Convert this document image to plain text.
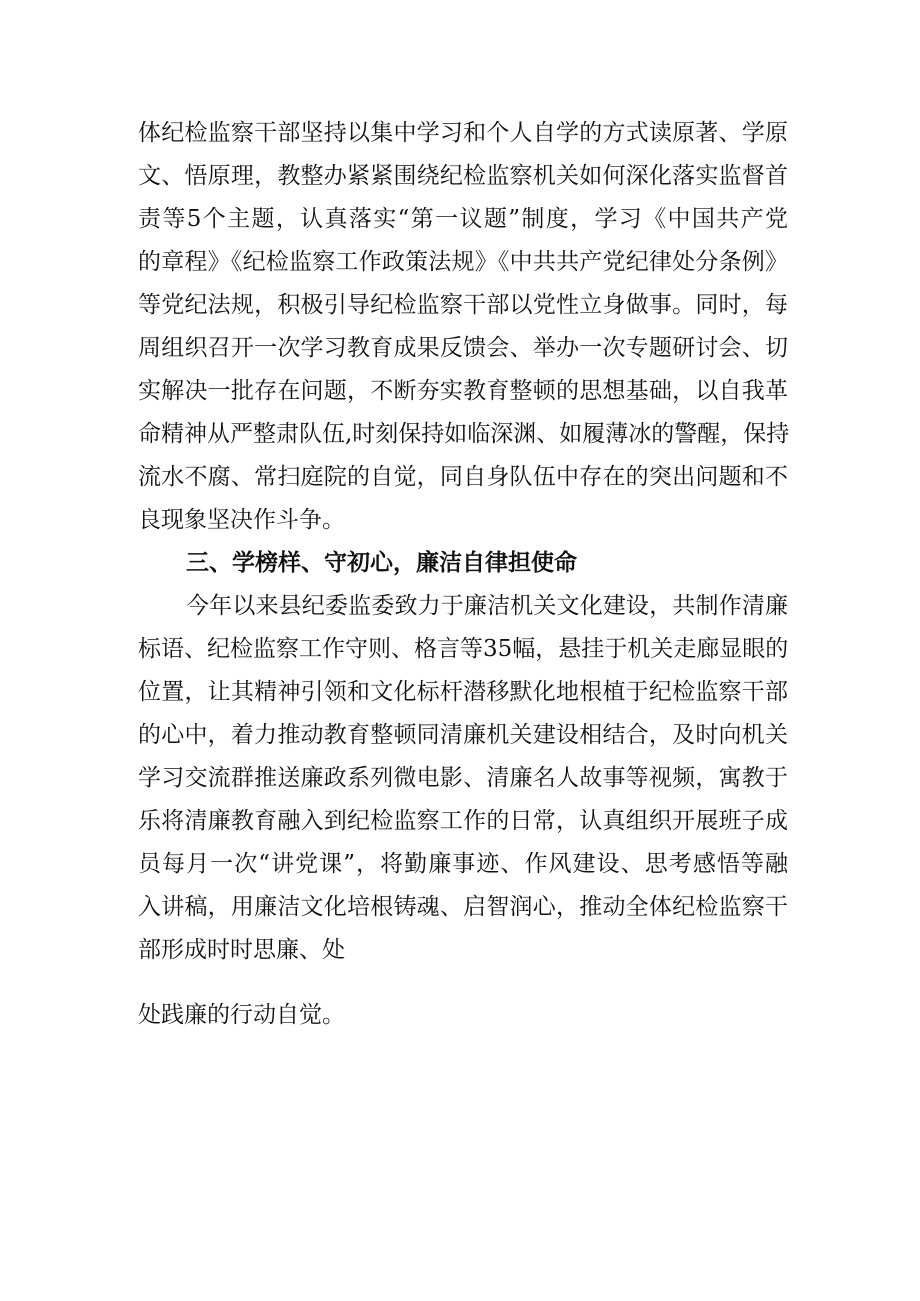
体纪检监察干部坚持以集中学习和个人自学的方式读原著、学原
文、悟原理，教整办紧紧围绕纪检监察机关如何深化落实监督首
责等5个主题，认真落实“第一议题”制度，学习《中国共产党
的章程》《纪检监察工作政策法规》《中共共产党纪律处分条例》
等党纪法规，积极引导纪检监察干部以党性立身做事。同时，每
周组织召开一次学习教育成果反馈会、举办一次专题研讨会、切
实解决一批存在问题，不断夯实教育整顿的思想基础，以自我革
命精神从严整肃队伍,时刻保持如临深渊、如履薄冰的警醒，保持
流水不腐、常扫庭院的自觉，同自身队伍中存在的突出问题和不
良现象坚决作斗争。
三、学榜样、守初心，廉洁自律担使命
今年以来县纪委监委致力于廉洁机关文化建设，共制作清廉
标语、纪检监察工作守则、格言等35幅，悬挂于机关走廊显眼的
位置，让其精神引领和文化标杆潜移默化地根植于纪检监察干部
的心中，着力推动教育整顿同清廉机关建设相结合，及时向机关
学习交流群推送廉政系列微电影、清廉名人故事等视频，寓教于
乐将清廉教育融入到纪检监察工作的日常，认真组织开展班子成
员每月一次“讲党课”，将勤廉事迹、作风建设、思考感悟等融
入讲稿，用廉洁文化培根铸魂、启智润心，推动全体纪检监察干
部形成时时思廉、处
处践廉的行动自觉。
